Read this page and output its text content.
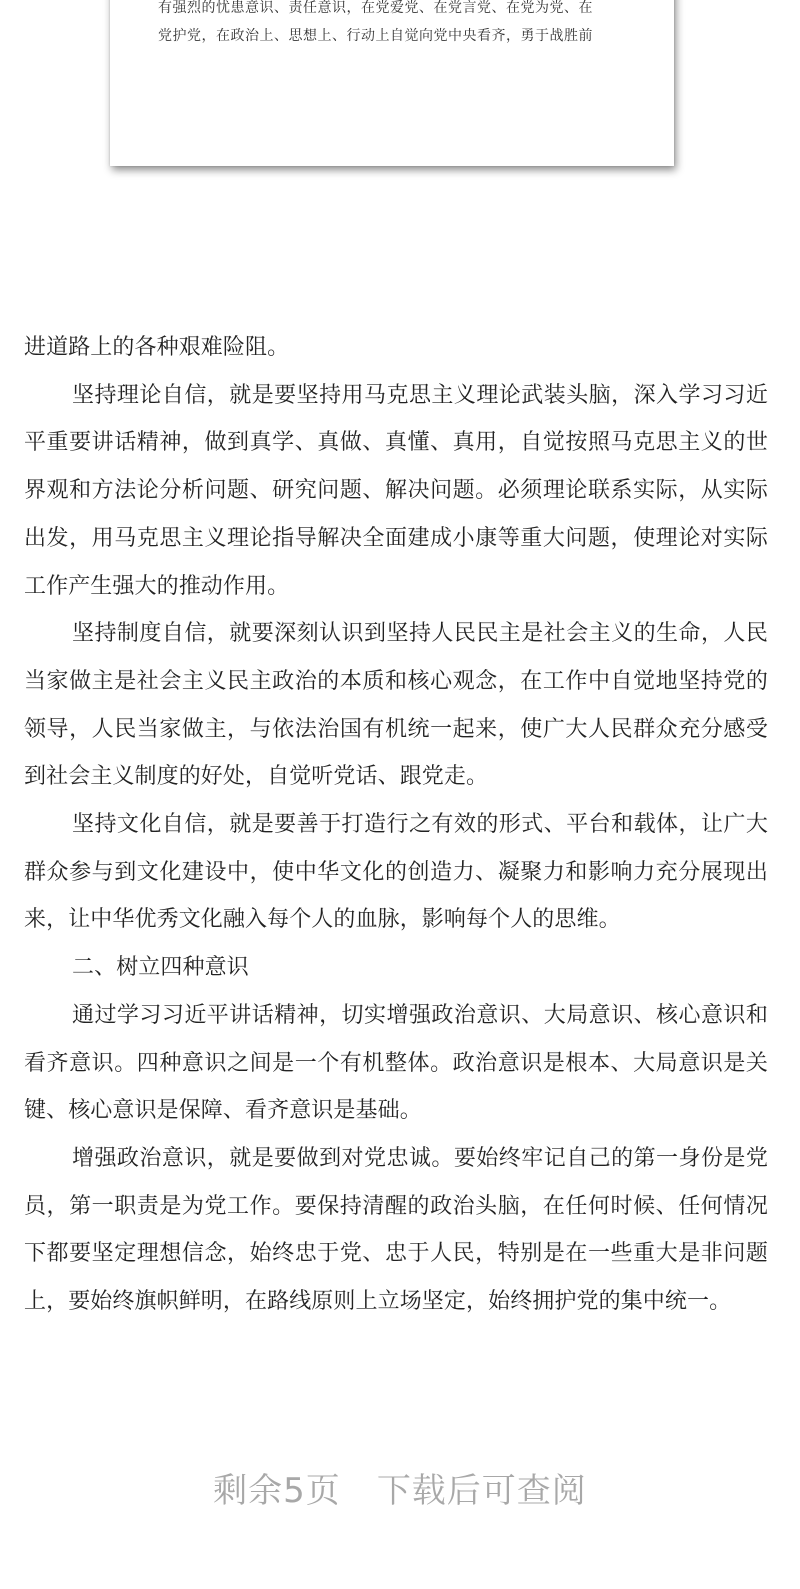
有强烈的忧患意识、责任意识，在党爱党、在党言党、在党为党、在
党护党，在政治上、思想上、行动上自觉向党中央看齐，勇于战胜前

进道路上的各种艰难险阻。

坚持理论自信，就是要坚持用马克思主义理论武装头脑，深入学习习近平重要讲话精神，做到真学、真做、真懂、真用，自觉按照马克思主义的世界观和方法论分析问题、研究问题、解决问题。必须理论联系实际，从实际出发，用马克思主义理论指导解决全面建成小康等重大问题，使理论对实际工作产生强大的推动作用。

坚持制度自信，就要深刻认识到坚持人民民主是社会主义的生命，人民当家做主是社会主义民主政治的本质和核心观念，在工作中自觉地坚持党的领导，人民当家做主，与依法治国有机统一起来，使广大人民群众充分感受到社会主义制度的好处，自觉听党话、跟党走。

坚持文化自信，就是要善于打造行之有效的形式、平台和载体，让广大群众参与到文化建设中，使中华文化的创造力、凝聚力和影响力充分展现出来，让中华优秀文化融入每个人的血脉，影响每个人的思维。

二、树立四种意识

通过学习习近平讲话精神，切实增强政治意识、大局意识、核心意识和看齐意识。四种意识之间是一个有机整体。政治意识是根本、大局意识是关键、核心意识是保障、看齐意识是基础。

增强政治意识，就是要做到对党忠诚。要始终牢记自己的第一身份是党员，第一职责是为党工作。要保持清醒的政治头脑，在任何时候、任何情况下都要坚定理想信念，始终忠于党、忠于人民，特别是在一些重大是非问题上，要始终旗帜鲜明，在路线原则上立场坚定，始终拥护党的集中统一。

剩余5页 下载后可查阅
